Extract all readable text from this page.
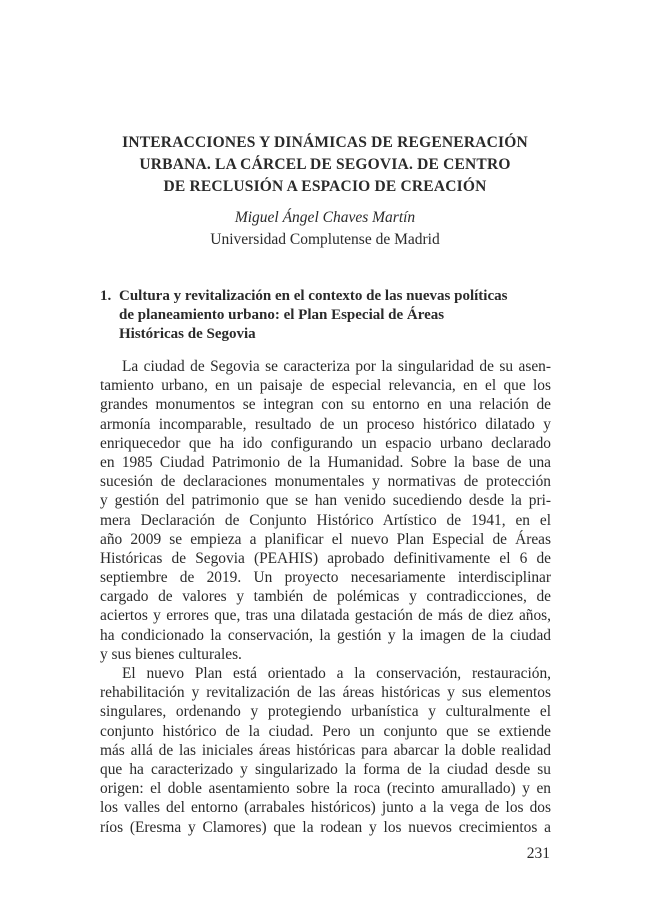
INTERACCIONES Y DINÁMICAS DE REGENERACIÓN
URBANA. LA CÁRCEL DE SEGOVIA. DE CENTRO
DE RECLUSIÓN A ESPACIO DE CREACIÓN
Miguel Ángel Chaves Martín
Universidad Complutense de Madrid
1. Cultura y revitalización en el contexto de las nuevas políticas
de planeamiento urbano: el Plan Especial de Áreas
Históricas de Segovia
La ciudad de Segovia se caracteriza por la singularidad de su asen-
tamiento urbano, en un paisaje de especial relevancia, en el que los
grandes monumentos se integran con su entorno en una relación de
armonía incomparable, resultado de un proceso histórico dilatado y
enriquecedor que ha ido configurando un espacio urbano declarado
en 1985 Ciudad Patrimonio de la Humanidad. Sobre la base de una
sucesión de declaraciones monumentales y normativas de protección
y gestión del patrimonio que se han venido sucediendo desde la pri-
mera Declaración de Conjunto Histórico Artístico de 1941, en el
año 2009 se empieza a planificar el nuevo Plan Especial de Áreas
Históricas de Segovia (PEAHIS) aprobado definitivamente el 6 de
septiembre de 2019. Un proyecto necesariamente interdisciplinar
cargado de valores y también de polémicas y contradicciones, de
aciertos y errores que, tras una dilatada gestación de más de diez años,
ha condicionado la conservación, la gestión y la imagen de la ciudad
y sus bienes culturales.
El nuevo Plan está orientado a la conservación, restauración,
rehabilitación y revitalización de las áreas históricas y sus elementos
singulares, ordenando y protegiendo urbanística y culturalmente el
conjunto histórico de la ciudad. Pero un conjunto que se extiende
más allá de las iniciales áreas históricas para abarcar la doble realidad
que ha caracterizado y singularizado la forma de la ciudad desde su
origen: el doble asentamiento sobre la roca (recinto amurallado) y en
los valles del entorno (arrabales históricos) junto a la vega de los dos
ríos (Eresma y Clamores) que la rodean y los nuevos crecimientos a
231
